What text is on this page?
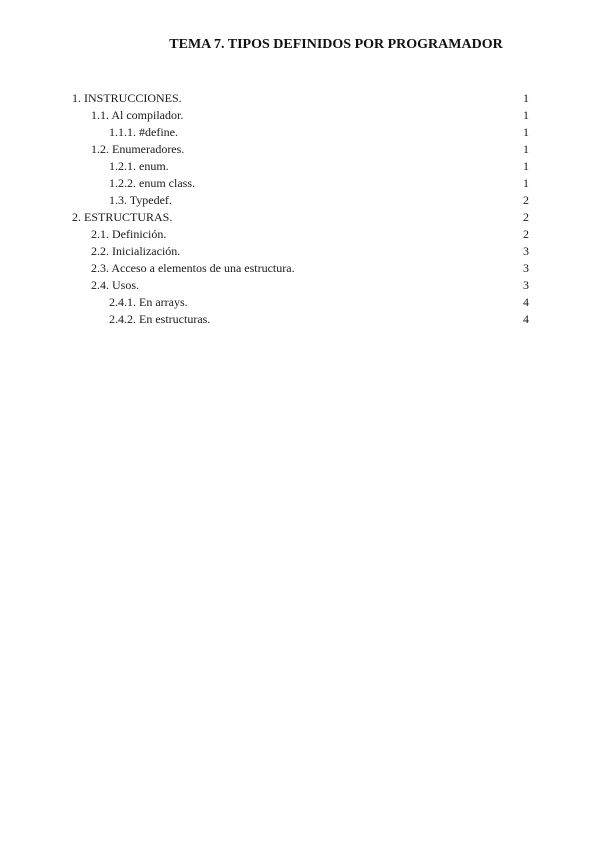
TEMA 7. TIPOS DEFINIDOS POR PROGRAMADOR
1. INSTRUCCIONES.	1
1.1. Al compilador.	1
1.1.1. #define.	1
1.2. Enumeradores.	1
1.2.1. enum.	1
1.2.2. enum class.	1
1.3. Typedef.	2
2. ESTRUCTURAS.	2
2.1. Definición.	2
2.2. Inicialización.	3
2.3. Acceso a elementos de una estructura.	3
2.4. Usos.	3
2.4.1. En arrays.	4
2.4.2. En estructuras.	4
